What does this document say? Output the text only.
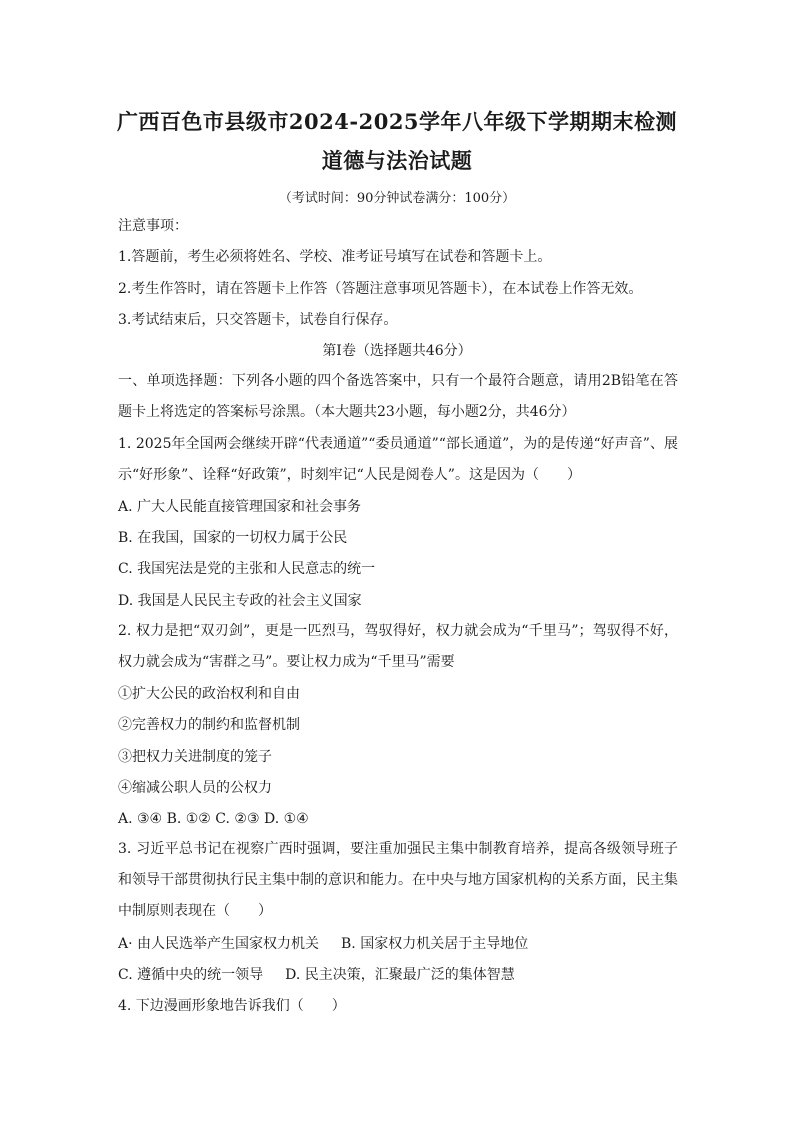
广西百色市县级市2024-2025学年八年级下学期期末检测
道德与法治试题
（考试时间：90分钟试卷满分：100分）
注意事项：
1.答题前，考生必须将姓名、学校、准考证号填写在试卷和答题卡上。
2.考生作答时，请在答题卡上作答（答题注意事项见答题卡），在本试卷上作答无效。
3.考试结束后，只交答题卡，试卷自行保存。
第Ⅰ卷（选择题共46分）
一、单项选择题：下列各小题的四个备选答案中，只有一个最符合题意，请用2B铅笔在答题卡上将选定的答案标号涂黑。（本大题共23小题，每小题2分，共46分）
1. 2025年全国两会继续开辟“代表通道”“委员通道”“部长通道”，为的是传递“好声音”、展示“好形象”、诠释“好政策”，时刻牢记“人民是阅卷人”。这是因为（　　）
A. 广大人民能直接管理国家和社会事务
B. 在我国，国家的一切权力属于公民
C. 我国宪法是党的主张和人民意志的统一
D. 我国是人民民主专政的社会主义国家
2. 权力是把“双刃剑”，更是一匹烈马，驾驭得好，权力就会成为“千里马”；驾驭得不好，权力就会成为“害群之马”。要让权力成为“千里马”需要
①扩大公民的政治权利和自由
②完善权力的制约和监督机制
③把权力关进制度的笼子
④缩减公职人员的公权力
A. ③④ B. ①② C. ②③ D. ①④
3. 习近平总书记在视察广西时强调，要注重加强民主集中制教育培养，提高各级领导班子和领导干部贯彻执行民主集中制的意识和能力。在中央与地方国家机构的关系方面，民主集中制原则表现在（　　）
A· 由人民选举产生国家权力机关 B. 国家权力机关居于主导地位
C. 遵循中央的统一领导 D. 民主决策，汇聚最广泛的集体智慧
4. 下边漫画形象地告诉我们（　　）
